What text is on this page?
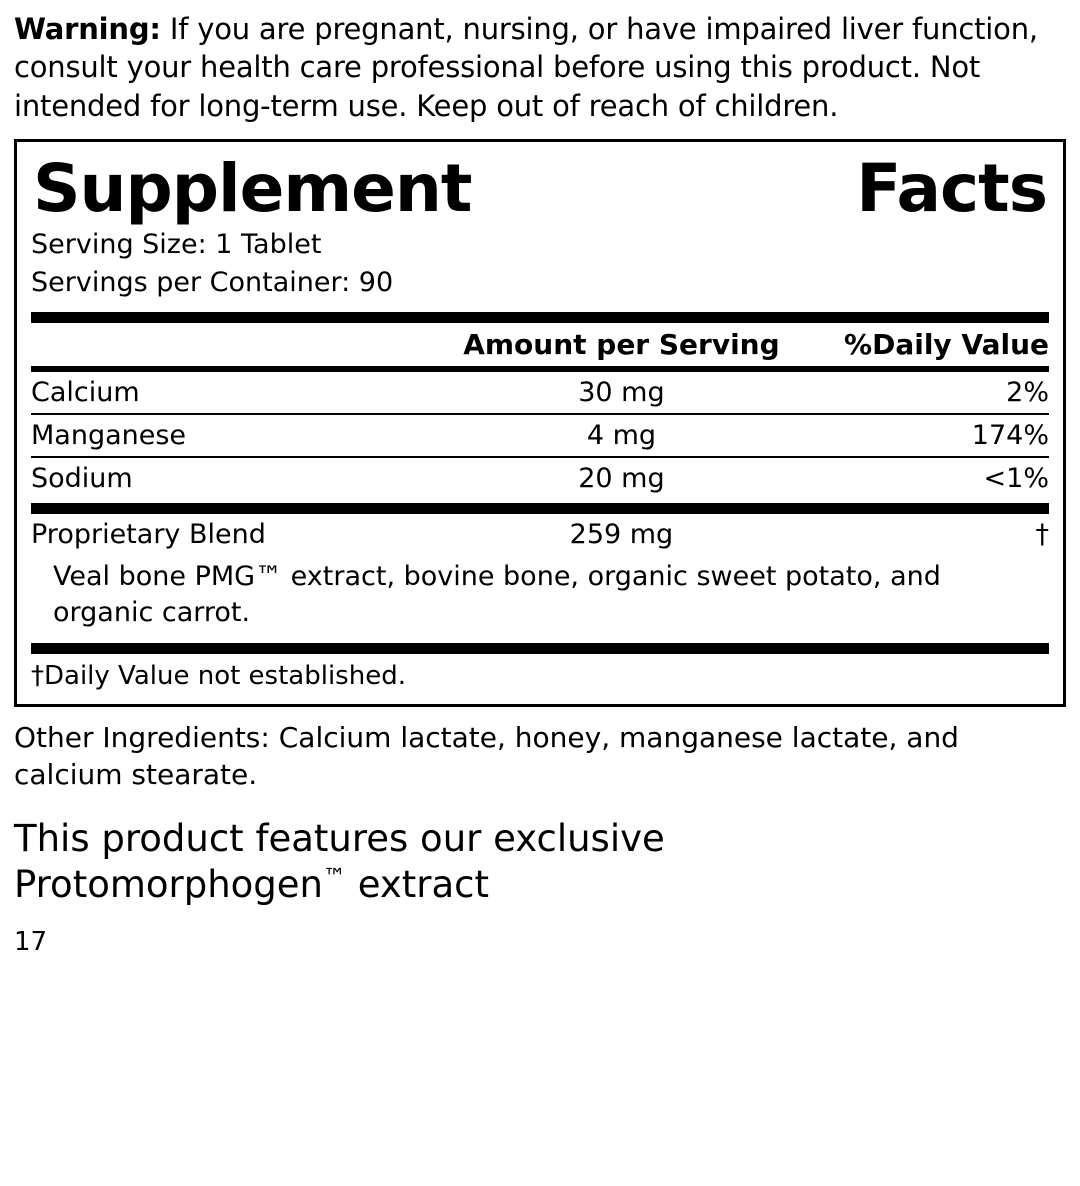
Warning: If you are pregnant, nursing, or have impaired liver function, consult your health care professional before using this product. Not intended for long-term use. Keep out of reach of children.

Supplement	Facts
Serving Size: 1 Tablet
Servings per Container: 90
	Amount per Serving	%Daily Value
Calcium	30 mg	2%
Manganese	4 mg	174%
Sodium	20 mg	<1%
Proprietary Blend	259 mg	†
Veal bone PMG™ extract, bovine bone, organic sweet potato, and organic carrot.
†Daily Value not established.
Other Ingredients: Calcium lactate, honey, manganese lactate, and calcium stearate.
This product features our exclusive
Protomorphogen™ extract
17
